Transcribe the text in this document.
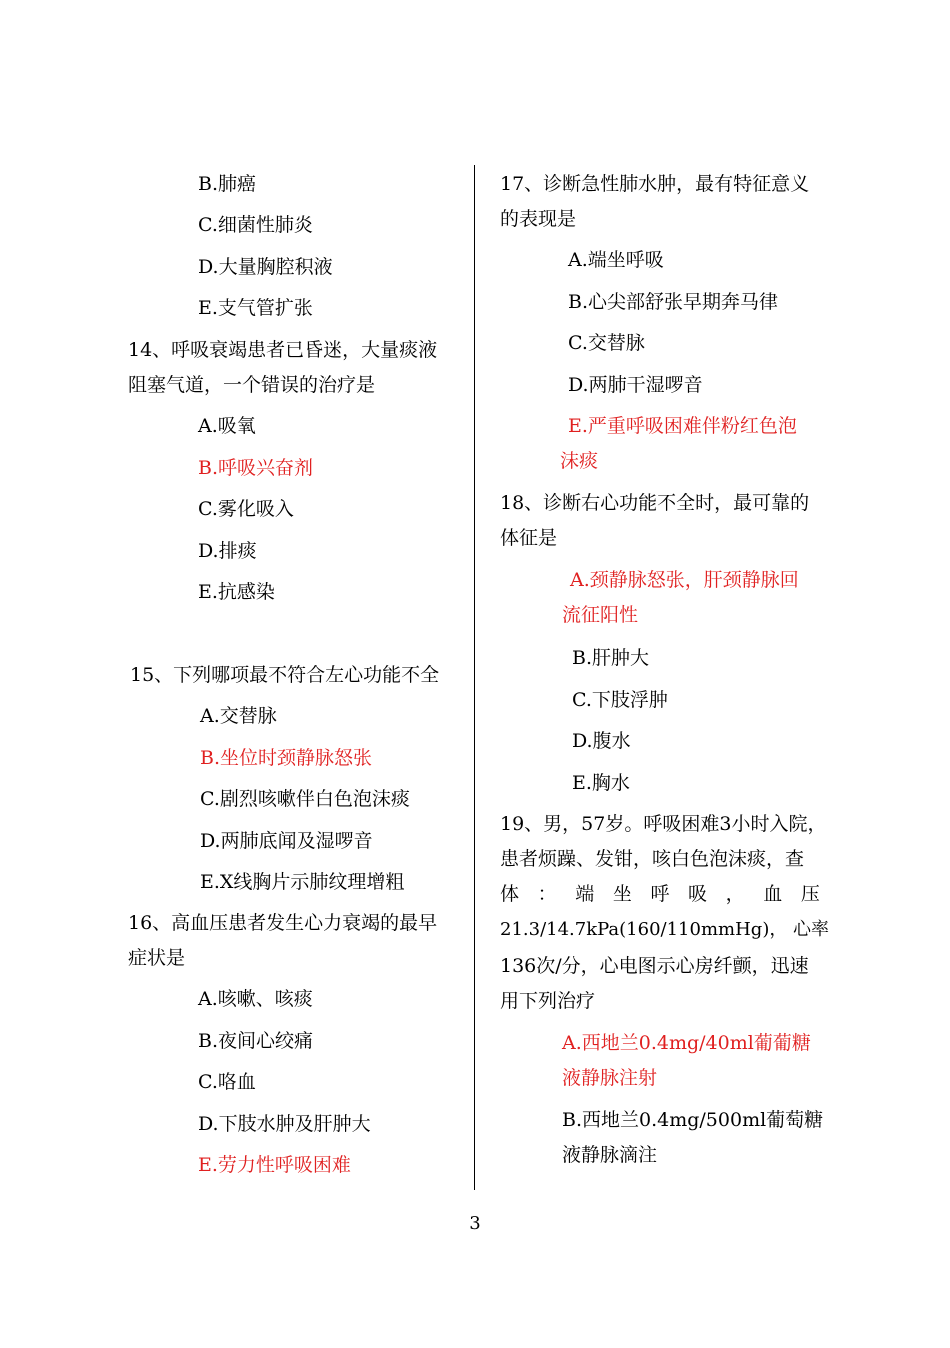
B.肺癌
C.细菌性肺炎
D.大量胸腔积液
E.支气管扩张
14、呼吸衰竭患者已昏迷，大量痰液
阻塞气道，一个错误的治疗是
A.吸氧
B.呼吸兴奋剂
C.雾化吸入
D.排痰
E.抗感染
15、下列哪项最不符合左心功能不全
A.交替脉
B.坐位时颈静脉怒张
C.剧烈咳嗽伴白色泡沫痰
D.两肺底闻及湿啰音
E.X线胸片示肺纹理增粗
16、高血压患者发生心力衰竭的最早
症状是
A.咳嗽、咳痰
B.夜间心绞痛
C.咯血
D.下肢水肿及肝肿大
E.劳力性呼吸困难
17、诊断急性肺水肿，最有特征意义
的表现是
A.端坐呼吸
B.心尖部舒张早期奔马律
C.交替脉
D.两肺干湿啰音
E.严重呼吸困难伴粉红色泡
沫痰
18、诊断右心功能不全时，最可靠的
体征是
A.颈静脉怒张，肝颈静脉回
流征阳性
B.肝肿大
C.下肢浮肿
D.腹水
E.胸水
19、男，57岁。呼吸困难3小时入院，
患者烦躁、发钳，咳白色泡沫痰，查
体 ： 端 坐 呼 吸 ， 血 压
21.3/14.7kPa(160/110mmHg)， 心率
136次/分，心电图示心房纤颤，迅速
用下列治疗
A.西地兰0.4mg/40ml葡葡糖
液静脉注射
B.西地兰0.4mg/500ml葡萄糖
液静脉滴注
3
